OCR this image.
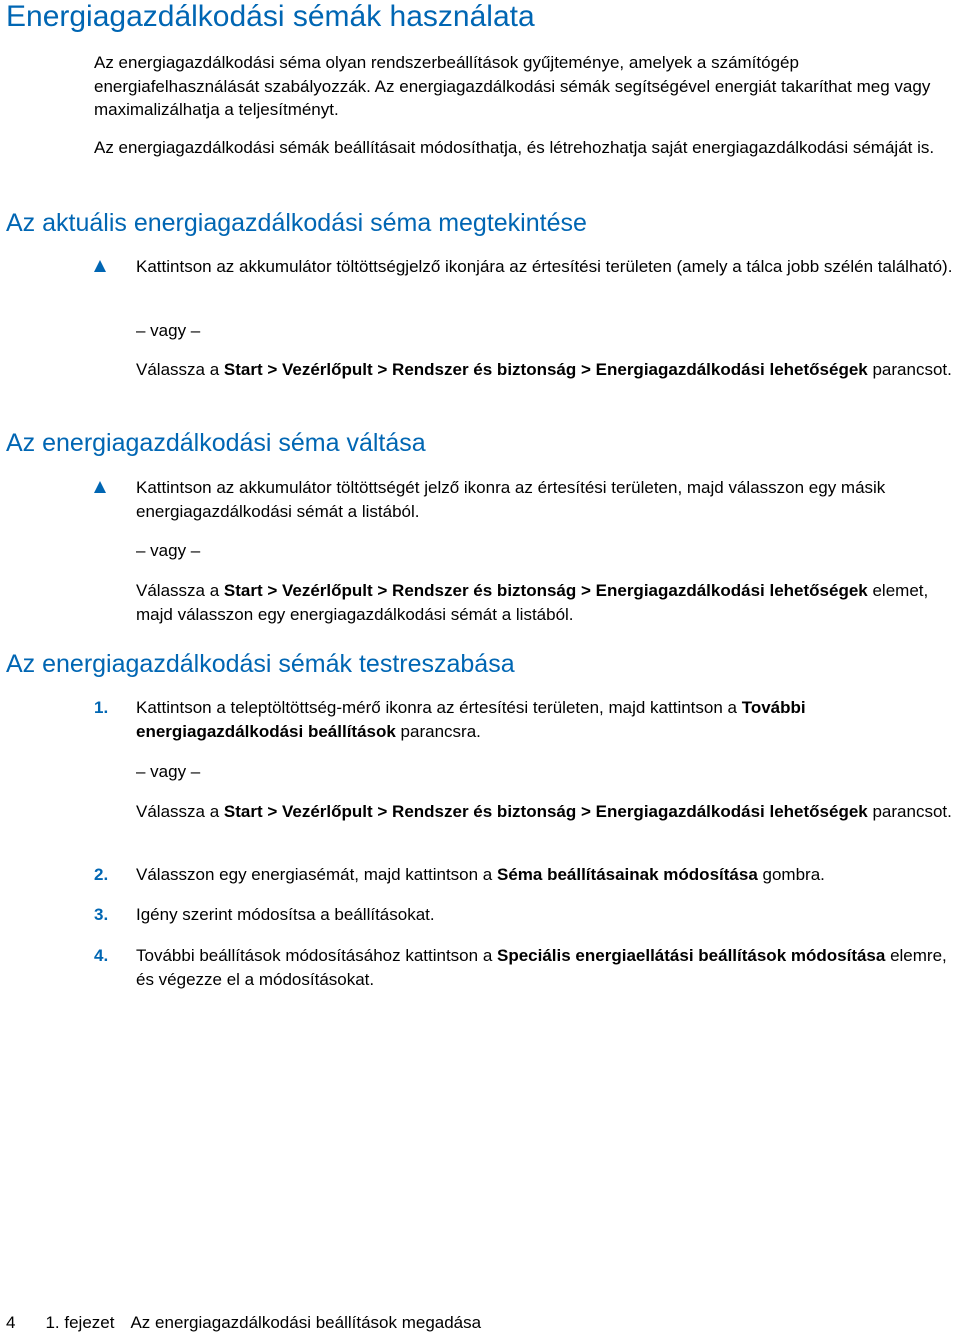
Energiagazdálkodási sémák használata

Az energiagazdálkodási séma olyan rendszerbeállítások gyűjteménye, amelyek a számítógép energiafelhasználását szabályozzák. Az energiagazdálkodási sémák segítségével energiát takaríthat meg vagy maximalizálhatja a teljesítményt.

Az energiagazdálkodási sémák beállításait módosíthatja, és létrehozhatja saját energiagazdálkodási sémáját is.

Az aktuális energiagazdálkodási séma megtekintése
Kattintson az akkumulátor töltöttségjelző ikonjára az értesítési területen (amely a tálca jobb szélén található).
– vagy –
Válassza a Start > Vezérlőpult > Rendszer és biztonság > Energiagazdálkodási lehetőségek parancsot.
Az energiagazdálkodási séma váltása
Kattintson az akkumulátor töltöttségét jelző ikonra az értesítési területen, majd válasszon egy másik energiagazdálkodási sémát a listából.
– vagy –
Válassza a Start > Vezérlőpult > Rendszer és biztonság > Energiagazdálkodási lehetőségek elemet, majd válasszon egy energiagazdálkodási sémát a listából.
Az energiagazdálkodási sémák testreszabása
1. Kattintson a teleptöltöttség-mérő ikonra az értesítési területen, majd kattintson a További energiagazdálkodási beállítások parancsra.
– vagy –
Válassza a Start > Vezérlőpult > Rendszer és biztonság > Energiagazdálkodási lehetőségek parancsot.
2. Válasszon egy energiasémát, majd kattintson a Séma beállításainak módosítása gombra.
3. Igény szerint módosítsa a beállításokat.
4. További beállítások módosításához kattintson a Speciális energiaellátási beállítások módosítása elemre, és végezze el a módosításokat.
4 1. fejezet Az energiagazdálkodási beállítások megadása
